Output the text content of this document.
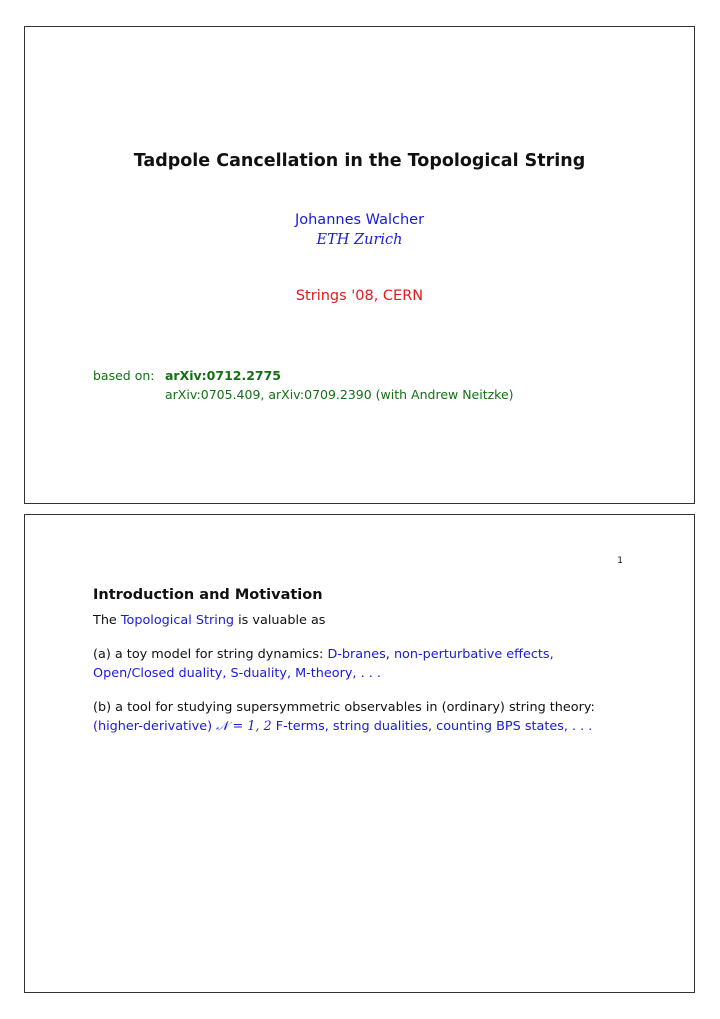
Tadpole Cancellation in the Topological String
Johannes Walcher
ETH Zurich
Strings '08, CERN
based on: arXiv:0712.2775
arXiv:0705.409, arXiv:0709.2390 (with Andrew Neitzke)
1
Introduction and Motivation
The Topological String is valuable as
(a) a toy model for string dynamics: D-branes, non-perturbative effects,
Open/Closed duality, S-duality, M-theory, . . .
(b) a tool for studying supersymmetric observables in (ordinary) string theory:
(higher-derivative) 𝒩 = 1, 2 F-terms, string dualities, counting BPS states, . . .
